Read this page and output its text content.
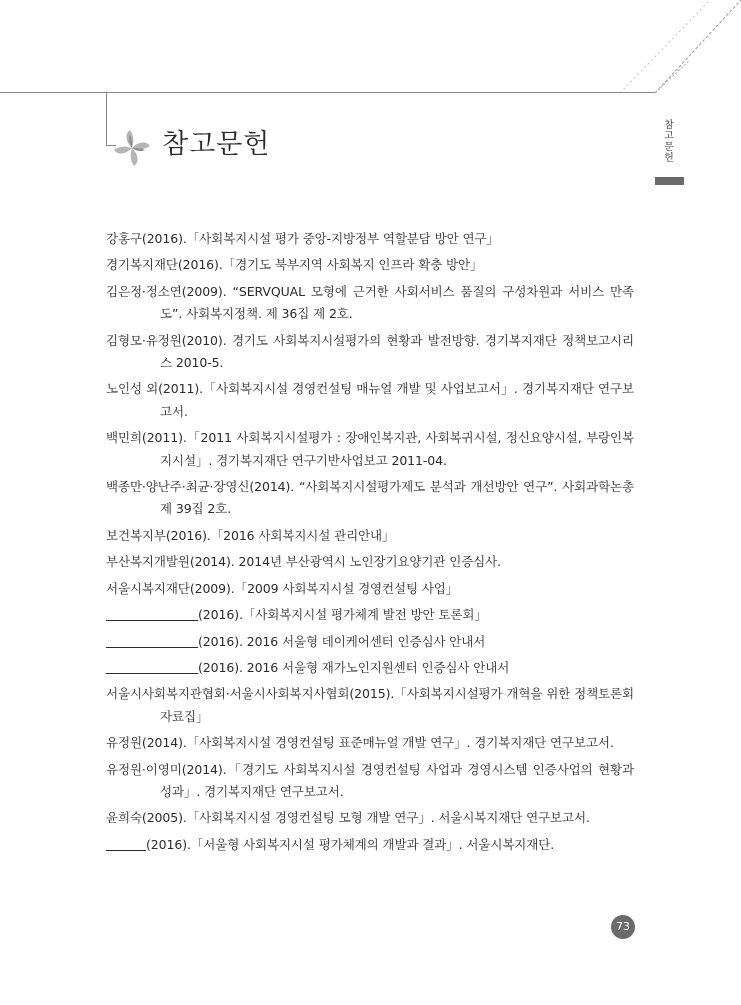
참고문헌
참고문헌

강홍구(2016).「사회복지시설 평가 중앙-지방정부 역할분담 방안 연구」

경기복지재단(2016).「경기도 북부지역 사회복지 인프라 확충 방안」

김은정·정소연(2009). “SERVQUAL 모형에 근거한 사회서비스 품질의 구성차원과 서비스 만족도”. 사회복지정책. 제 36집 제 2호.

김형모·유정원(2010). 경기도 사회복지시설평가의 현황과 발전방향. 경기복지재단 정책보고시리스 2010-5.

노인성 외(2011).「사회복지시설 경영컨설팅 매뉴얼 개발 및 사업보고서」. 경기복지재단 연구보고서.

백민희(2011).「2011 사회복지시설평가 : 장애인복지관, 사회복귀시설, 정신요양시설, 부랑인복지시설」. 경기복지재단 연구기반사업보고 2011-04.

백종만·양난주·최균·장영신(2014). “사회복지시설평가제도 분석과 개선방안 연구”. 사회과학논총 제 39집 2호.

보건복지부(2016).「2016 사회복지시설 관리안내」

부산복지개발원(2014). 2014년 부산광역시 노인장기요양기관 인증심사.

서울시복지재단(2009).「2009 사회복지시설 경영컨설팅 사업」

(2016).「사회복지시설 평가체계 발전 방안 토론회」

(2016). 2016 서울형 데이케어센터 인증심사 안내서

(2016). 2016 서울형 재가노인지원센터 인증심사 안내서

서울시사회복지관협회·서울시사회복지사협회(2015).「사회복지시설평가 개혁을 위한 정책토론회 자료집」

유정원(2014).「사회복지시설 경영컨설팅 표준매뉴얼 개발 연구」. 경기복지재단 연구보고서.

유정원·이영미(2014).「경기도 사회복지시설 경영컨설팅 사업과 경영시스템 인증사업의 현황과 성과」. 경기복지재단 연구보고서.

윤희숙(2005).「사회복지시설 경영컨설팅 모형 개발 연구」. 서울시복지재단 연구보고서.

(2016).「서울형 사회복지시설 평가체계의 개발과 결과」. 서울시복지재단.

73
